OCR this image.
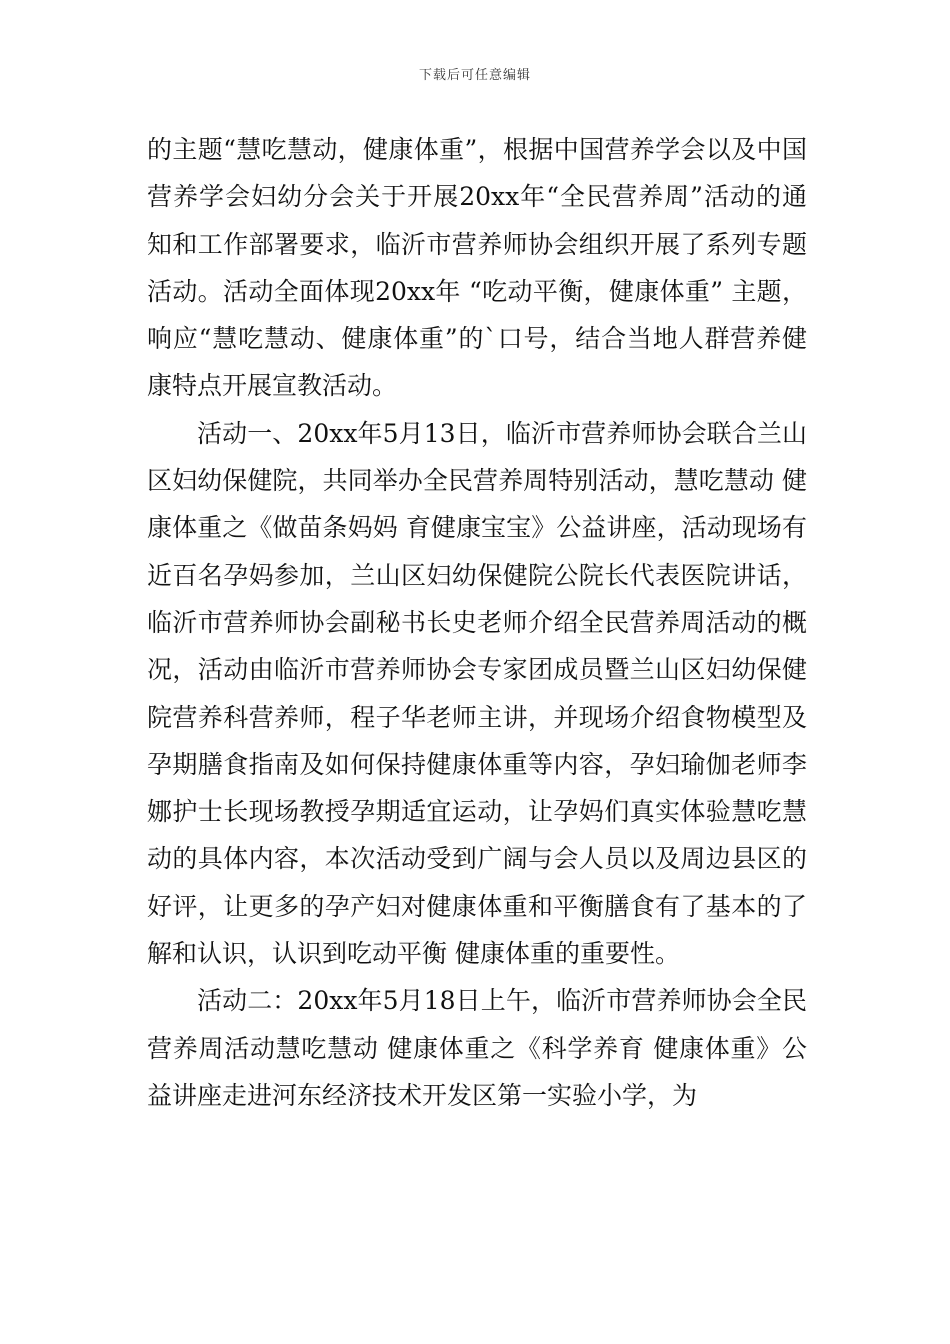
下载后可任意编辑

的主题“慧吃慧动，健康体重”，根据中国营养学会以及中国营养学会妇幼分会关于开展20xx年“全民营养周”活动的通知和工作部署要求，临沂市营养师协会组织开展了系列专题活动。活动全面体现20xx年 “吃动平衡，健康体重” 主题，响应“慧吃慧动、健康体重”的`口号，结合当地人群营养健康特点开展宣教活动。

活动一、20xx年5月13日，临沂市营养师协会联合兰山区妇幼保健院，共同举办全民营养周特别活动，慧吃慧动 健康体重之《做苗条妈妈 育健康宝宝》公益讲座，活动现场有近百名孕妈参加，兰山区妇幼保健院公院长代表医院讲话，临沂市营养师协会副秘书长史老师介绍全民营养周活动的概况，活动由临沂市营养师协会专家团成员暨兰山区妇幼保健院营养科营养师，程子华老师主讲，并现场介绍食物模型及孕期膳食指南及如何保持健康体重等内容，孕妇瑜伽老师李娜护士长现场教授孕期适宜运动，让孕妈们真实体验慧吃慧动的具体内容，本次活动受到广阔与会人员以及周边县区的好评，让更多的孕产妇对健康体重和平衡膳食有了基本的了解和认识，认识到吃动平衡 健康体重的重要性。

活动二：20xx年5月18日上午，临沂市营养师协会全民营养周活动慧吃慧动 健康体重之《科学养育 健康体重》公益讲座走进河东经济技术开发区第一实验小学，为
